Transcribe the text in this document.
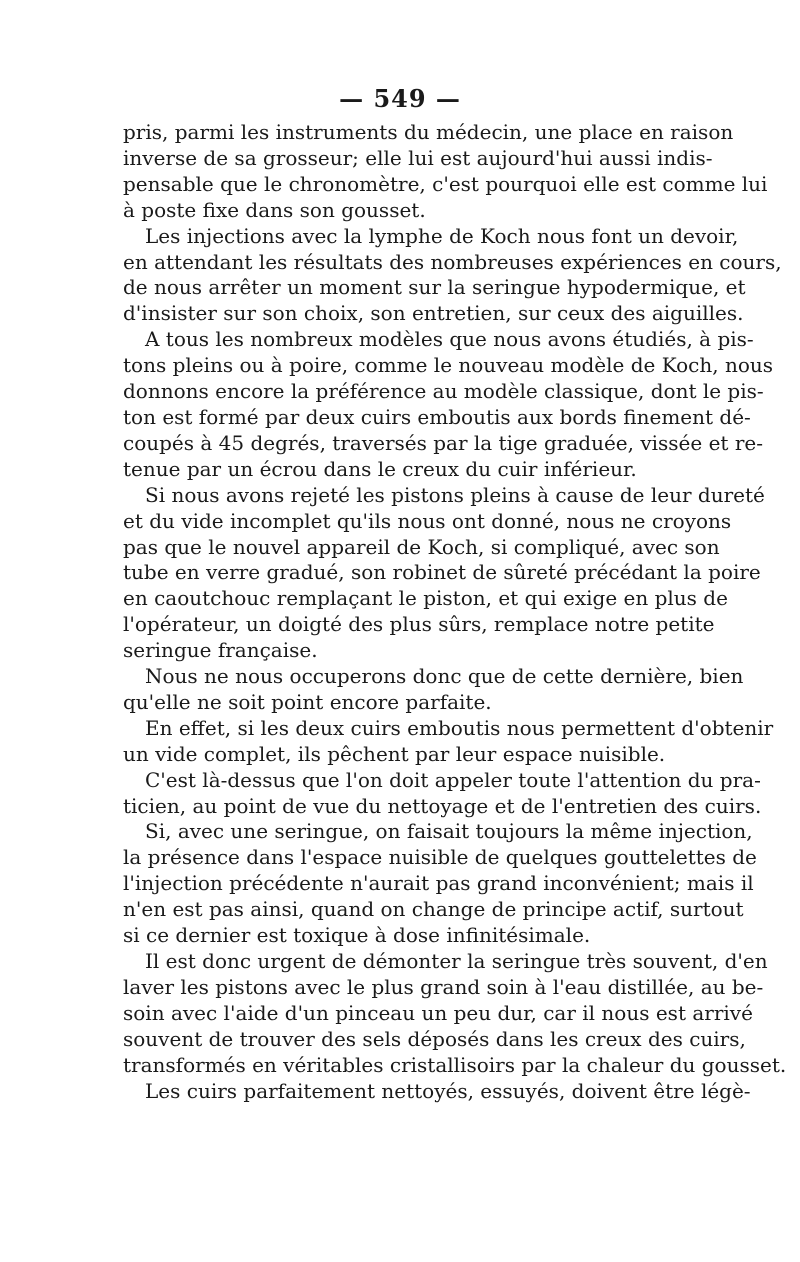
— 549 —
pris, parmi les instruments du médecin, une place en raison
inverse de sa grosseur; elle lui est aujourd'hui aussi indis-
pensable que le chronomètre, c'est pourquoi elle est comme lui
à poste fixe dans son gousset.
Les injections avec la lymphe de Koch nous font un devoir,
en attendant les résultats des nombreuses expériences en cours,
de nous arrêter un moment sur la seringue hypodermique, et
d'insister sur son choix, son entretien, sur ceux des aiguilles.
A tous les nombreux modèles que nous avons étudiés, à pis-
tons pleins ou à poire, comme le nouveau modèle de Koch, nous
donnons encore la préférence au modèle classique, dont le pis-
ton est formé par deux cuirs emboutis aux bords finement dé-
coupés à 45 degrés, traversés par la tige graduée, vissée et re-
tenue par un écrou dans le creux du cuir inférieur.
Si nous avons rejeté les pistons pleins à cause de leur dureté
et du vide incomplet qu'ils nous ont donné, nous ne croyons
pas que le nouvel appareil de Koch, si compliqué, avec son
tube en verre gradué, son robinet de sûreté précédant la poire
en caoutchouc remplaçant le piston, et qui exige en plus de
l'opérateur, un doigté des plus sûrs, remplace notre petite
seringue française.
Nous ne nous occuperons donc que de cette dernière, bien
qu'elle ne soit point encore parfaite.
En effet, si les deux cuirs emboutis nous permettent d'obtenir
un vide complet, ils pêchent par leur espace nuisible.
C'est là-dessus que l'on doit appeler toute l'attention du pra-
ticien, au point de vue du nettoyage et de l'entretien des cuirs.
Si, avec une seringue, on faisait toujours la même injection,
la présence dans l'espace nuisible de quelques gouttelettes de
l'injection précédente n'aurait pas grand inconvénient; mais il
n'en est pas ainsi, quand on change de principe actif, surtout
si ce dernier est toxique à dose infinitésimale.
Il est donc urgent de démonter la seringue très souvent, d'en
laver les pistons avec le plus grand soin à l'eau distillée, au be-
soin avec l'aide d'un pinceau un peu dur, car il nous est arrivé
souvent de trouver des sels déposés dans les creux des cuirs,
transformés en véritables cristallisoirs par la chaleur du gousset.
Les cuirs parfaitement nettoyés, essuyés, doivent être légè-
